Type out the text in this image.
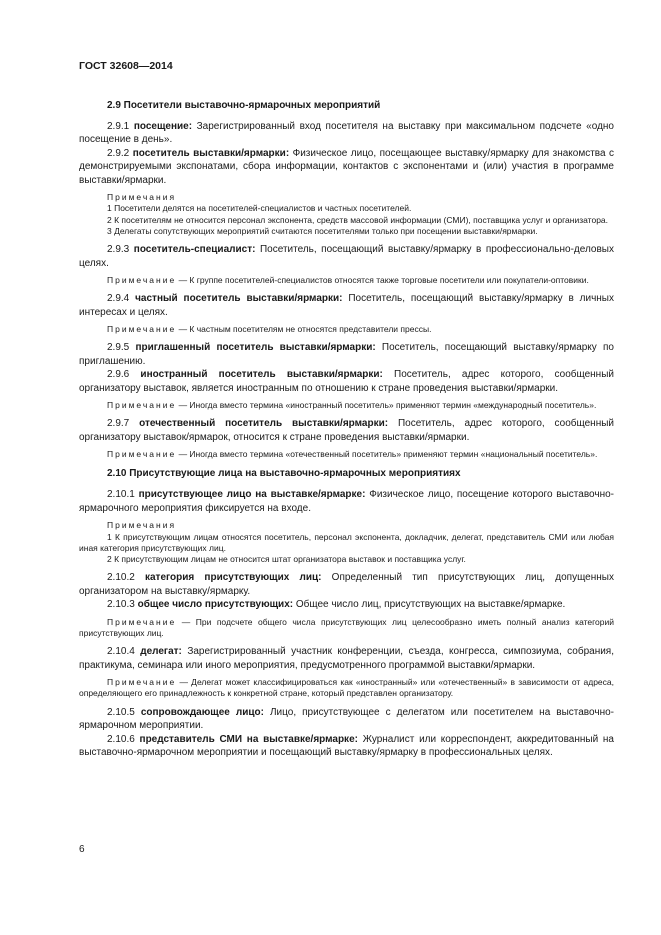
ГОСТ 32608—2014
2.9 Посетители выставочно-ярмарочных мероприятий

2.9.1 посещение: Зарегистрированный вход посетителя на выставку при максимальном подсчете «одно посещение в день».

2.9.2 посетитель выставки/ярмарки: Физическое лицо, посещающее выставку/ярмарку для знакомства с демонстрируемыми экспонатами, сбора информации, контактов с экспонентами и (или) участия в программе выставки/ярмарки.

Примечания

1 Посетители делятся на посетителей-специалистов и частных посетителей.

2 К посетителям не относится персонал экспонента, средств массовой информации (СМИ), поставщика услуг и организатора.

3 Делегаты сопутствующих мероприятий считаются посетителями только при посещении выставки/ярмарки.

2.9.3 посетитель-специалист: Посетитель, посещающий выставку/ярмарку в профессионально-деловых целях.

Примечание — К группе посетителей-специалистов относятся также торговые посетители или покупатели-оптовики.

2.9.4 частный посетитель выставки/ярмарки: Посетитель, посещающий выставку/ярмарку в личных интересах и целях.

Примечание — К частным посетителям не относятся представители прессы.

2.9.5 приглашенный посетитель выставки/ярмарки: Посетитель, посещающий выставку/ярмарку по приглашению.

2.9.6 иностранный посетитель выставки/ярмарки: Посетитель, адрес которого, сообщенный организатору выставок, является иностранным по отношению к стране проведения выставки/ярмарки.

Примечание — Иногда вместо термина «иностранный посетитель» применяют термин «международный посетитель».

2.9.7 отечественный посетитель выставки/ярмарки: Посетитель, адрес которого, сообщенный организатору выставок/ярмарок, относится к стране проведения выставки/ярмарки.

Примечание — Иногда вместо термина «отечественный посетитель» применяют термин «национальный посетитель».

2.10 Присутствующие лица на выставочно-ярмарочных мероприятиях

2.10.1 присутствующее лицо на выставке/ярмарке: Физическое лицо, посещение которого выставочно-ярмарочного мероприятия фиксируется на входе.

Примечания

1 К присутствующим лицам относятся посетитель, персонал экспонента, докладчик, делегат, представитель СМИ или любая иная категория присутствующих лиц.

2 К присутствующим лицам не относится штат организатора выставок и поставщика услуг.

2.10.2 категория присутствующих лиц: Определенный тип присутствующих лиц, допущенных организатором на выставку/ярмарку.

2.10.3 общее число присутствующих: Общее число лиц, присутствующих на выставке/ярмарке.

Примечание — При подсчете общего числа присутствующих лиц целесообразно иметь полный анализ категорий присутствующих лиц.

2.10.4 делегат: Зарегистрированный участник конференции, съезда, конгресса, симпозиума, собрания, практикума, семинара или иного мероприятия, предусмотренного программой выставки/ярмарки.

Примечание — Делегат может классифицироваться как «иностранный» или «отечественный» в зависимости от адреса, определяющего его принадлежность к конкретной стране, который представлен организатору.

2.10.5 сопровождающее лицо: Лицо, присутствующее с делегатом или посетителем на выставочно-ярмарочном мероприятии.

2.10.6 представитель СМИ на выставке/ярмарке: Журналист или корреспондент, аккредитованный на выставочно-ярмарочном мероприятии и посещающий выставку/ярмарку в профессиональных целях.

6
